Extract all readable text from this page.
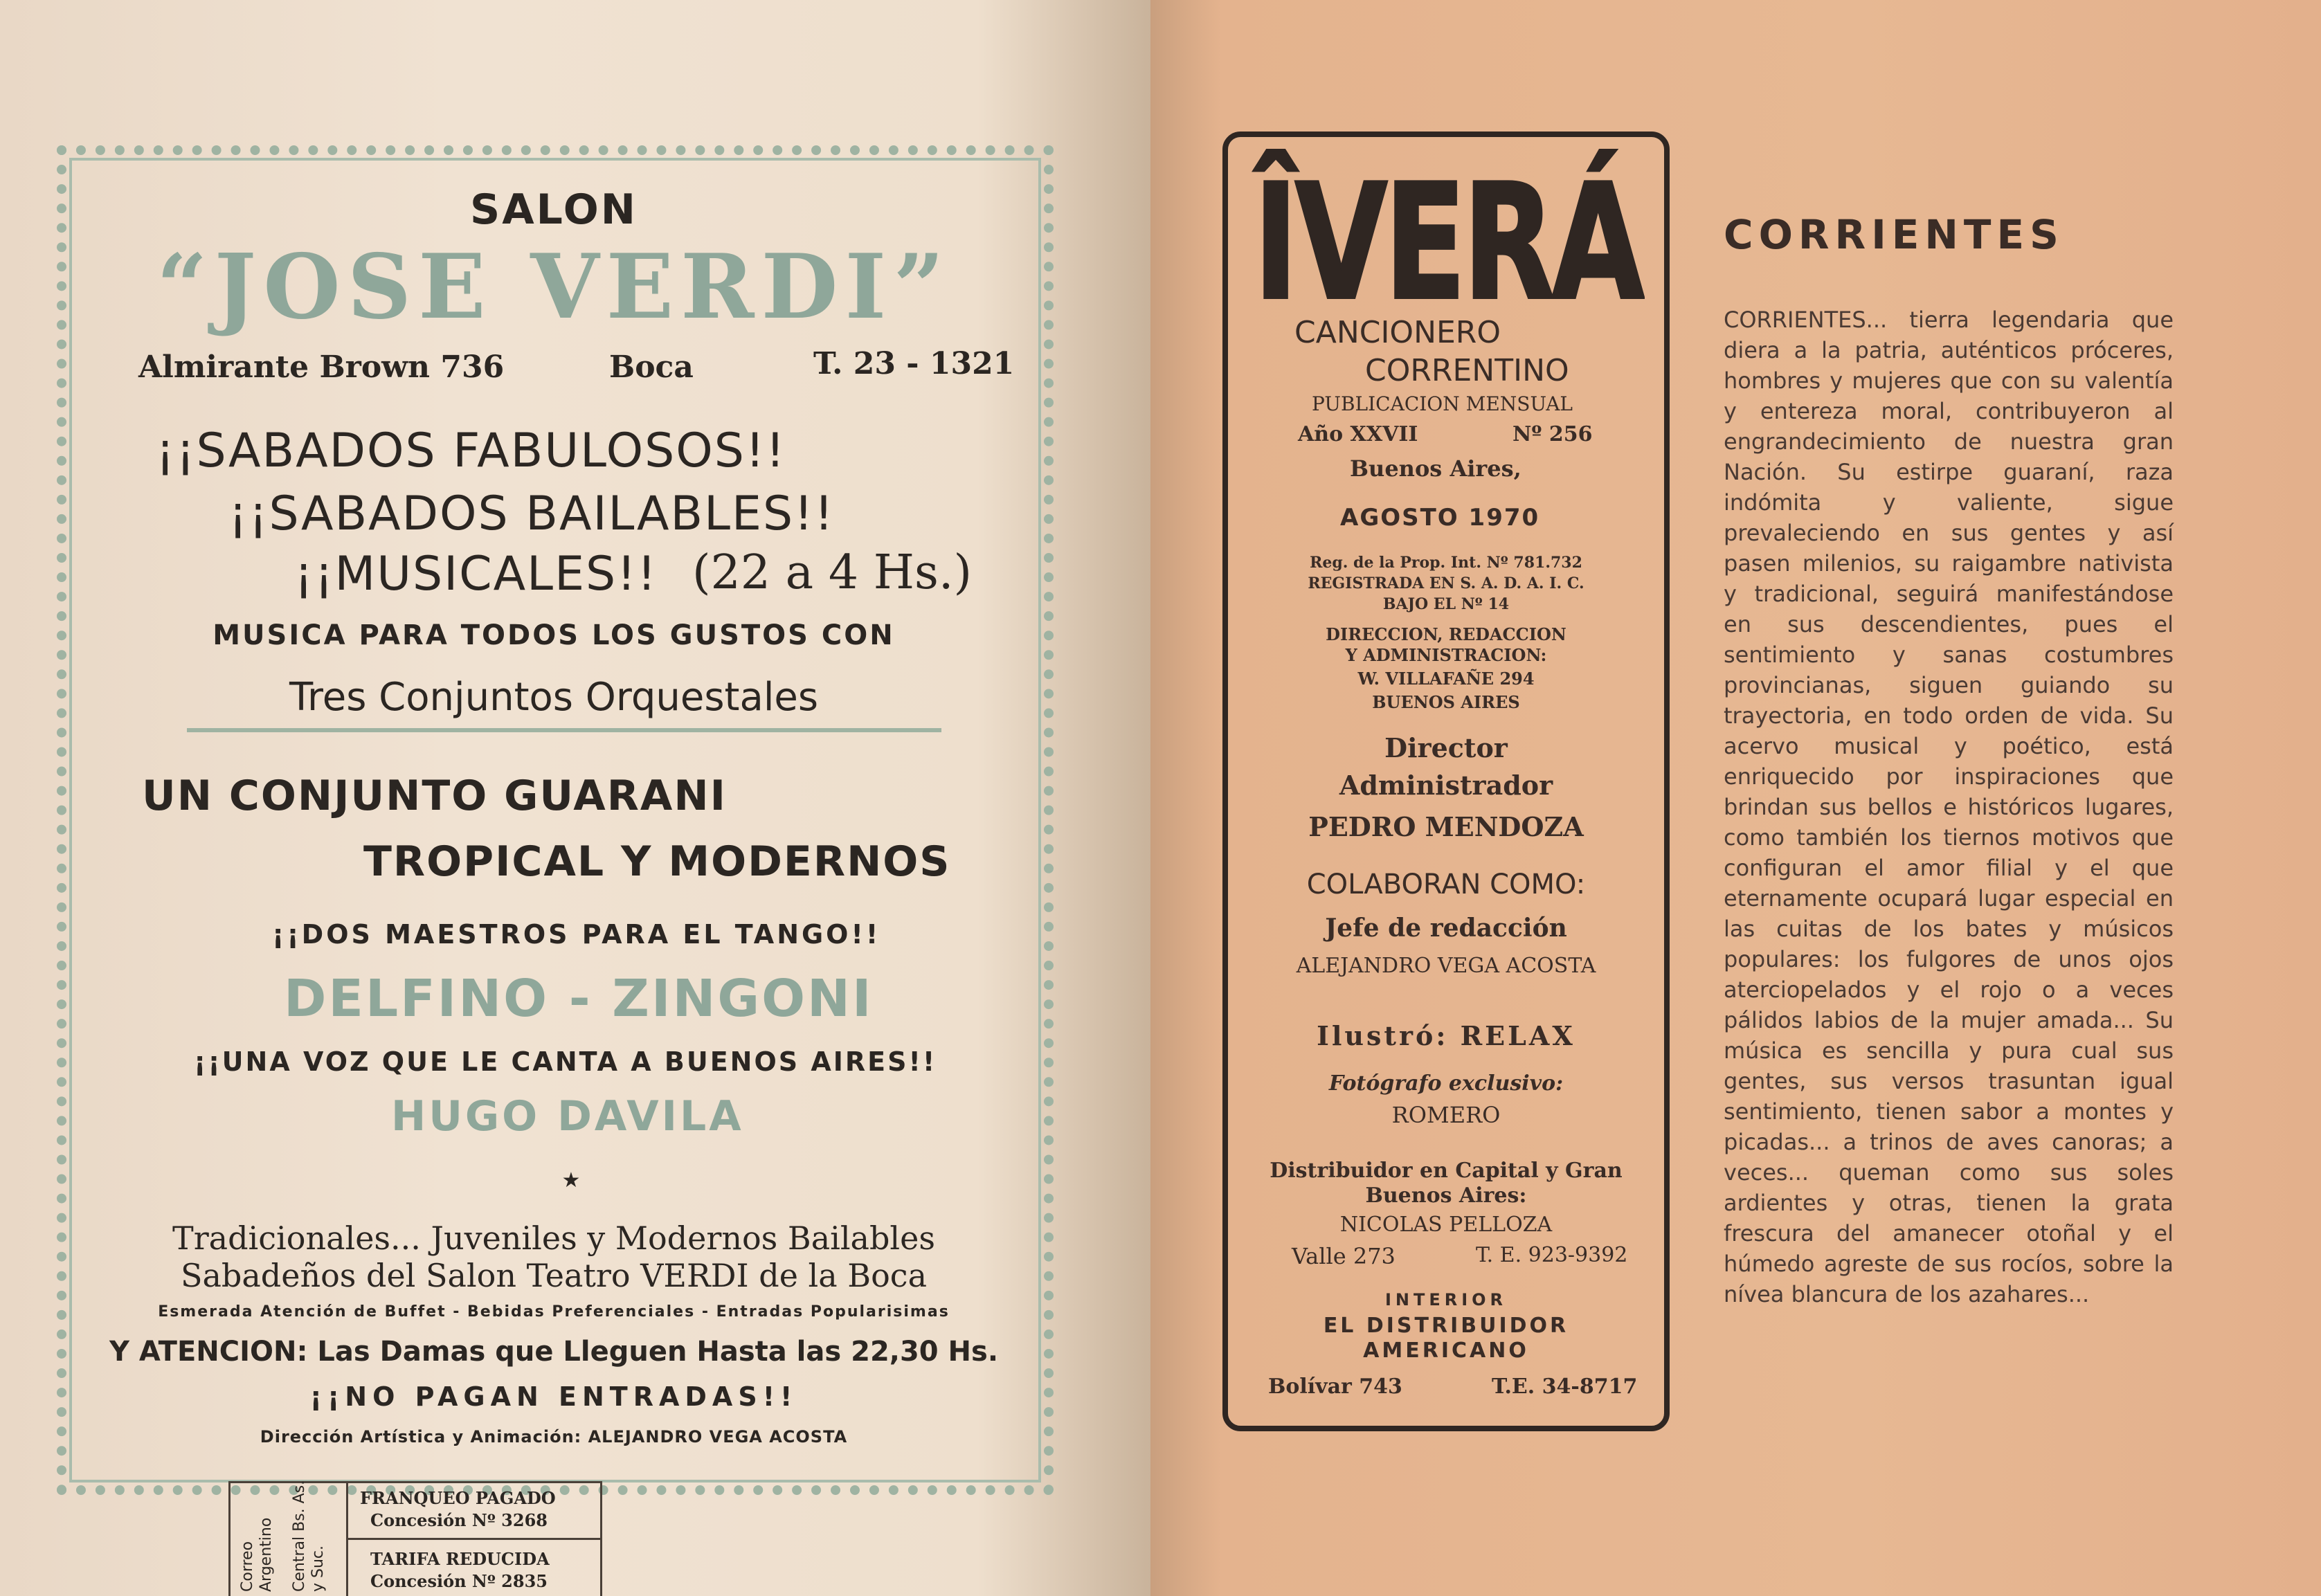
SALON
“JOSE VERDI”
Almirante Brown 736	Boca	T. 23 - 1321
¡¡SABADOS FABULOSOS!!
¡¡SABADOS BAILABLES!!
¡¡MUSICALES!! (22 a 4 Hs.)
MUSICA PARA TODOS LOS GUSTOS CON
Tres Conjuntos Orquestales
UN CONJUNTO GUARANI
TROPICAL Y MODERNOS
¡¡DOS MAESTROS PARA EL TANGO!!
DELFINO - ZINGONI
¡¡UNA VOZ QUE LE CANTA A BUENOS AIRES!!
HUGO DAVILA
★
Tradicionales... Juveniles y Modernos Bailables
Sabadeños del Salon Teatro VERDI de la Boca
Esmerada Atención de Buffet - Bebidas Preferenciales - Entradas Popularisimas
Y ATENCION: Las Damas que Lleguen Hasta las 22,30 Hs.
¡¡NO PAGAN ENTRADAS!!
Dirección Artística y Animación: ALEJANDRO VEGA ACOSTA
Correo Argentino Central Bs. As. y Suc.
FRANQUEO PAGADO
Concesión Nº 3268
TARIFA REDUCIDA
Concesión Nº 2835
ÎVER
CANCIONERO
CORRENTINO
PUBLICACION MENSUAL
Año XXVII	Nº 256
Buenos Aires,
AGOSTO 1970
Reg. de la Prop. Int. Nº 781.732
REGISTRADA EN S. A. D. A. I. C.
BAJO EL Nº 14
DIRECCION, REDACCION
Y ADMINISTRACION:
W. VILLAFAÑE 294
BUENOS AIRES
Director
Administrador
PEDRO MENDOZA
COLABORAN COMO:
Jefe de redacción
ALEJANDRO VEGA ACOSTA
Ilustró: RELAX
Fotógrafo exclusivo:
ROMERO
Distribuidor en Capital y Gran
Buenos Aires:
NICOLAS PELLOZA
Valle 273	T. E. 923-9392
INTERIOR
EL DISTRIBUIDOR
AMERICANO
Bolívar 743	T.E. 34-8717
CORRIENTES

CORRIENTES... tierra legendaria que diera a la patria, auténticos próceres, hombres y mujeres que con su valentía y entereza moral, contribuyeron al engrandecimiento de nuestra gran Nación. Su estirpe guaraní, raza indómita y valiente, sigue prevaleciendo en sus gentes y así pasen milenios, su raigambre nativista y tradicional, seguirá manifestándose en sus descendientes, pues el sentimiento y sanas costumbres provincianas, siguen guiando su trayectoria, en todo orden de vida. Su acervo musical y poético, está enriquecido por inspiraciones que brindan sus bellos e históricos lugares, como también los tiernos motivos que configuran el amor filial y el que eternamente ocupará lugar especial en las cuitas de los bates y músicos populares: los fulgores de unos ojos aterciopelados y el rojo o a veces pálidos labios de la mujer amada... Su música es sencilla y pura cual sus gentes, sus versos trasuntan igual sentimiento, tienen sabor a montes y picadas... a trinos de aves canoras; a veces... queman como sus soles ardientes y otras, tienen la grata frescura del amanecer otoñal y el húmedo agreste de sus rocíos, sobre la nívea blancura de los azahares...
